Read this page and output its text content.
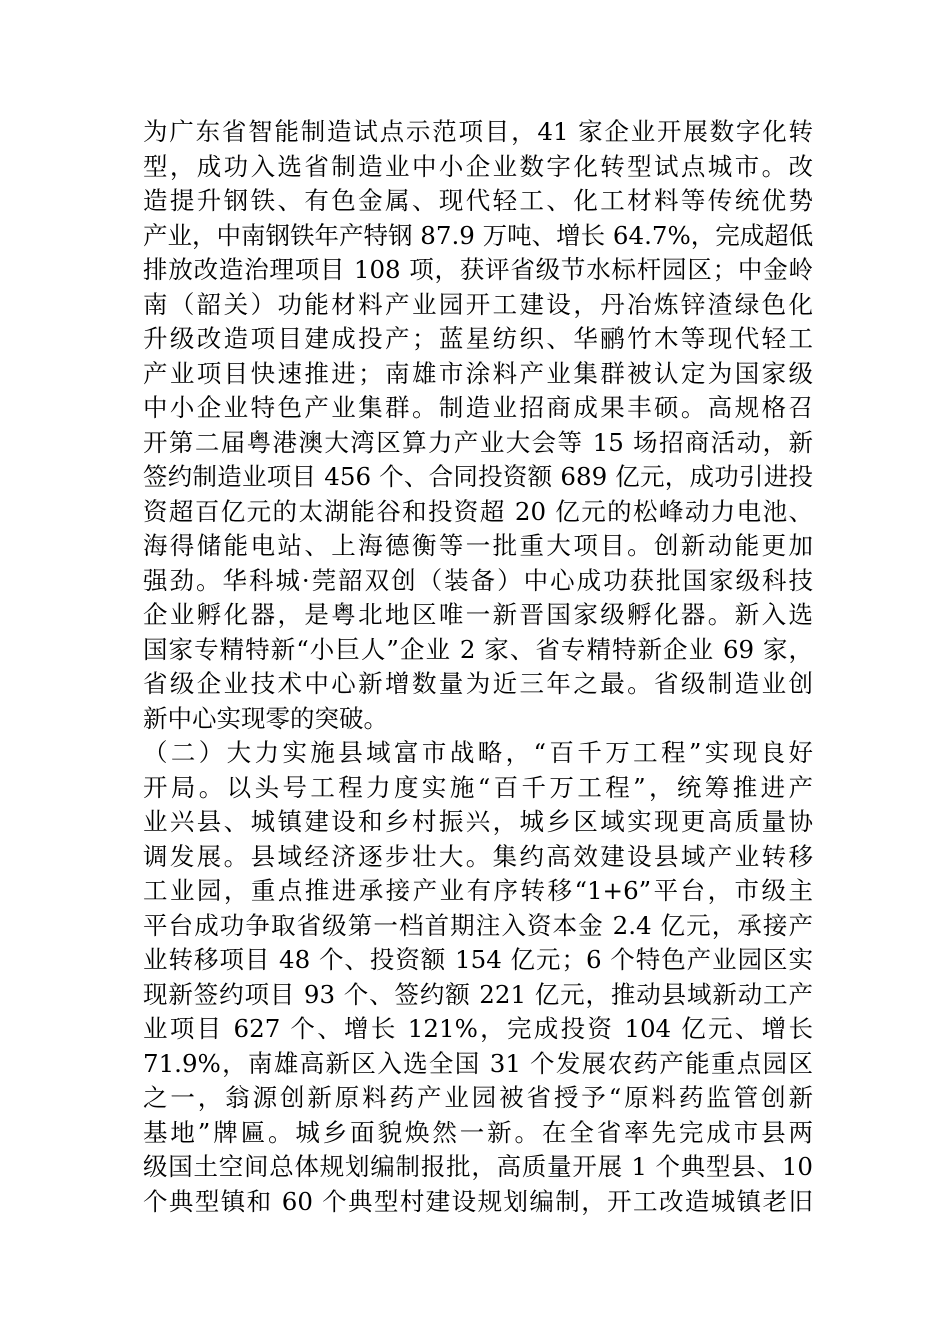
为广东省智能制造试点示范项目，41 家企业开展数字化转
型，成功入选省制造业中小企业数字化转型试点城市。改
造提升钢铁、有色金属、现代轻工、化工材料等传统优势
产业，中南钢铁年产特钢 87.9 万吨、增长 64.7%，完成超低
排放改造治理项目 108 项，获评省级节水标杆园区；中金岭
南（韶关）功能材料产业园开工建设，丹冶炼锌渣绿色化
升级改造项目建成投产；蓝星纺织、华鹂竹木等现代轻工
产业项目快速推进；南雄市涂料产业集群被认定为国家级
中小企业特色产业集群。制造业招商成果丰硕。高规格召
开第二届粤港澳大湾区算力产业大会等 15 场招商活动，新
签约制造业项目 456 个、合同投资额 689 亿元，成功引进投
资超百亿元的太湖能谷和投资超 20 亿元的松峰动力电池、
海得储能电站、上海德衡等一批重大项目。创新动能更加
强劲。华科城·莞韶双创（装备）中心成功获批国家级科技
企业孵化器，是粤北地区唯一新晋国家级孵化器。新入选
国家专精特新“小巨人”企业 2 家、省专精特新企业 69 家，
省级企业技术中心新增数量为近三年之最。省级制造业创
新中心实现零的突破。
（二）大力实施县域富市战略，“百千万工程”实现良好
开局。以头号工程力度实施“百千万工程”，统筹推进产
业兴县、城镇建设和乡村振兴，城乡区域实现更高质量协
调发展。县域经济逐步壮大。集约高效建设县域产业转移
工业园，重点推进承接产业有序转移“1+6”平台，市级主
平台成功争取省级第一档首期注入资本金 2.4 亿元，承接产
业转移项目 48 个、投资额 154 亿元；6 个特色产业园区实
现新签约项目 93 个、签约额 221 亿元，推动县域新动工产
业项目 627 个、增长 121%，完成投资 104 亿元、增长
71.9%，南雄高新区入选全国 31 个发展农药产能重点园区
之一，翁源创新原料药产业园被省授予“原料药监管创新
基地”牌匾。城乡面貌焕然一新。在全省率先完成市县两
级国土空间总体规划编制报批，高质量开展 1 个典型县、10
个典型镇和 60 个典型村建设规划编制，开工改造城镇老旧
